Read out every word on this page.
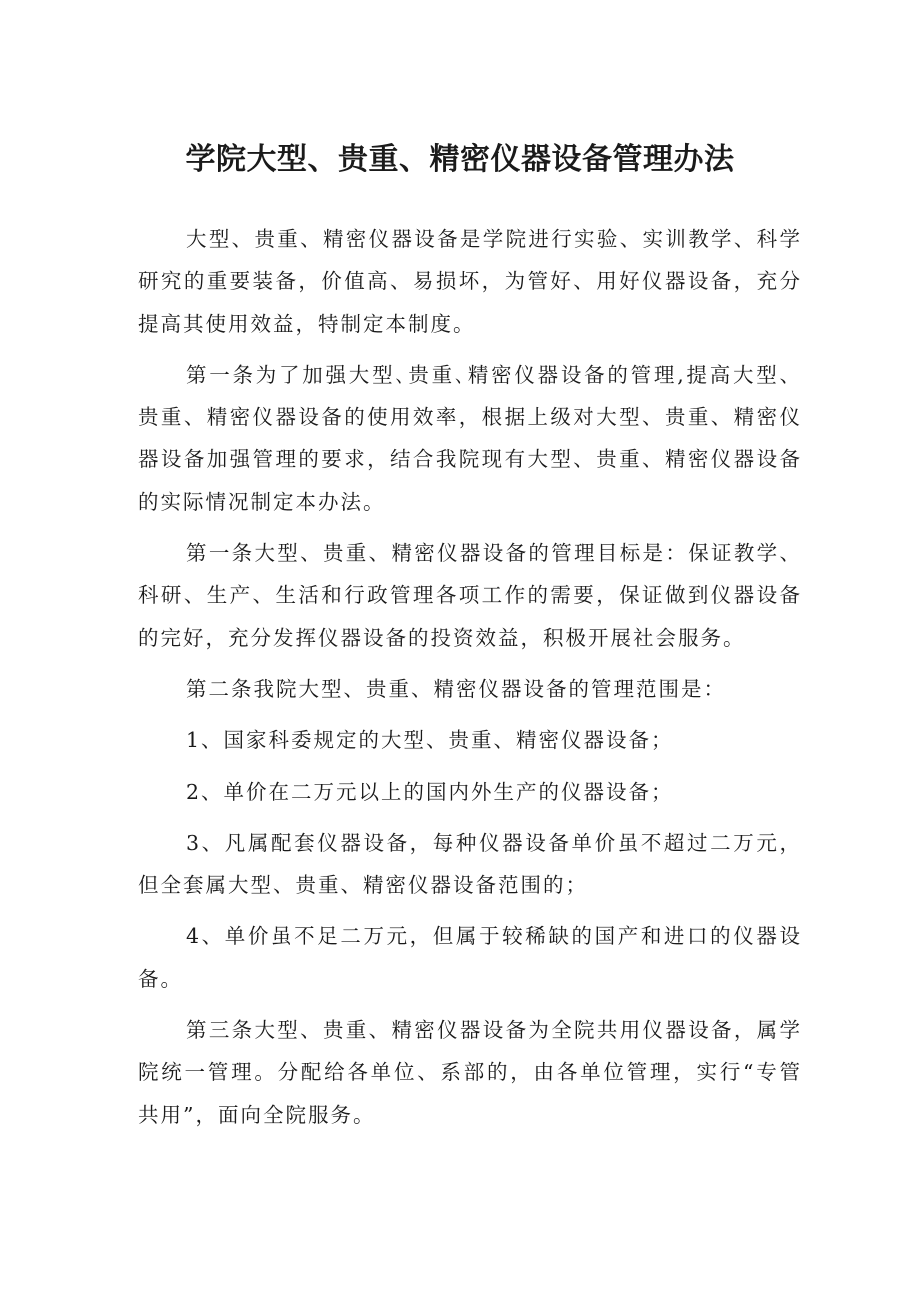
学院大型、贵重、精密仪器设备管理办法

大型、贵重、精密仪器设备是学院进行实验、实训教学、科学研究的重要装备，价值高、易损坏，为管好、用好仪器设备，充分提高其使用效益，特制定本制度。

第一条为了加强大型､贵重､精密仪器设备的管理,提高大型、贵重、精密仪器设备的使用效率，根据上级对大型、贵重、精密仪器设备加强管理的要求，结合我院现有大型、贵重、精密仪器设备的实际情况制定本办法。

第一条大型、贵重、精密仪器设备的管理目标是：保证教学、科研、生产、生活和行政管理各项工作的需要，保证做到仪器设备的完好，充分发挥仪器设备的投资效益，积极开展社会服务。

第二条我院大型、贵重、精密仪器设备的管理范围是：

1、国家科委规定的大型、贵重、精密仪器设备；

2、单价在二万元以上的国内外生产的仪器设备；

3、凡属配套仪器设备，每种仪器设备单价虽不超过二万元，但全套属大型、贵重、精密仪器设备范围的；

4、单价虽不足二万元，但属于较稀缺的国产和进口的仪器设备。

第三条大型、贵重、精密仪器设备为全院共用仪器设备，属学院统一管理。分配给各单位、系部的，由各单位管理，实行“专管共用”，面向全院服务。
